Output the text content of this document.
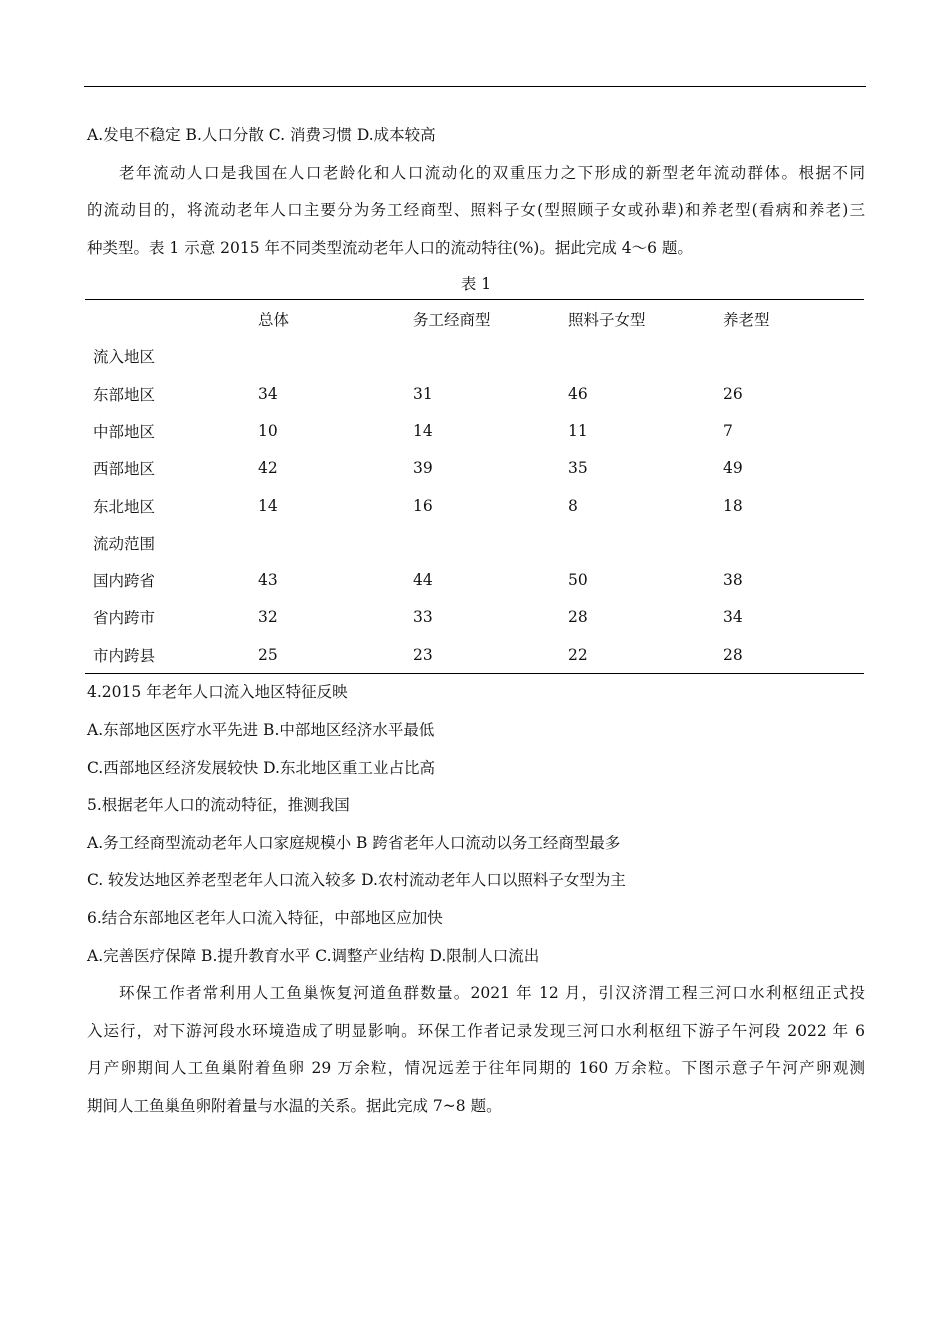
A.发电不稳定 B.人口分散 C. 消费习惯 D.成本较高
老年流动人口是我国在人口老龄化和人口流动化的双重压力之下形成的新型老年流动群体。根据不同
的流动目的，将流动老年人口主要分为务工经商型、照料子女(型照顾子女或孙辈)和养老型(看病和养老)三
种类型。表 1 示意 2015 年不同类型流动老年人口的流动特往(%)。据此完成 4～6 题。
表 1
	总体	务工经商型	照料子女型	养老型
流入地区				
东部地区	34	31	46	26
中部地区	10	14	11	7
西部地区	42	39	35	49
东北地区	14	16	8	18
流动范围				
国内跨省	43	44	50	38
省内跨市	32	33	28	34
市内跨县	25	23	22	28
4.2015 年老年人口流入地区特征反映
A.东部地区医疗水平先进 B.中部地区经济水平最低
C.西部地区经济发展较快 D.东北地区重工业占比高
5.根据老年人口的流动特征，推测我国
A.务工经商型流动老年人口家庭规模小 B 跨省老年人口流动以务工经商型最多
C. 较发达地区养老型老年人口流入较多 D.农村流动老年人口以照料子女型为主
6.结合东部地区老年人口流入特征，中部地区应加快
A.完善医疗保障 B.提升教育水平 C.调整产业结构 D.限制人口流出
环保工作者常利用人工鱼巢恢复河道鱼群数量。2021 年 12 月，引汉济渭工程三河口水利枢纽正式投
入运行，对下游河段水环境造成了明显影响。环保工作者记录发现三河口水利枢纽下游子午河段 2022 年 6
月产卵期间人工鱼巢附着鱼卵 29 万余粒，情况远差于往年同期的 160 万余粒。下图示意子午河产卵观测
期间人工鱼巢鱼卵附着量与水温的关系。据此完成 7~8 题。
